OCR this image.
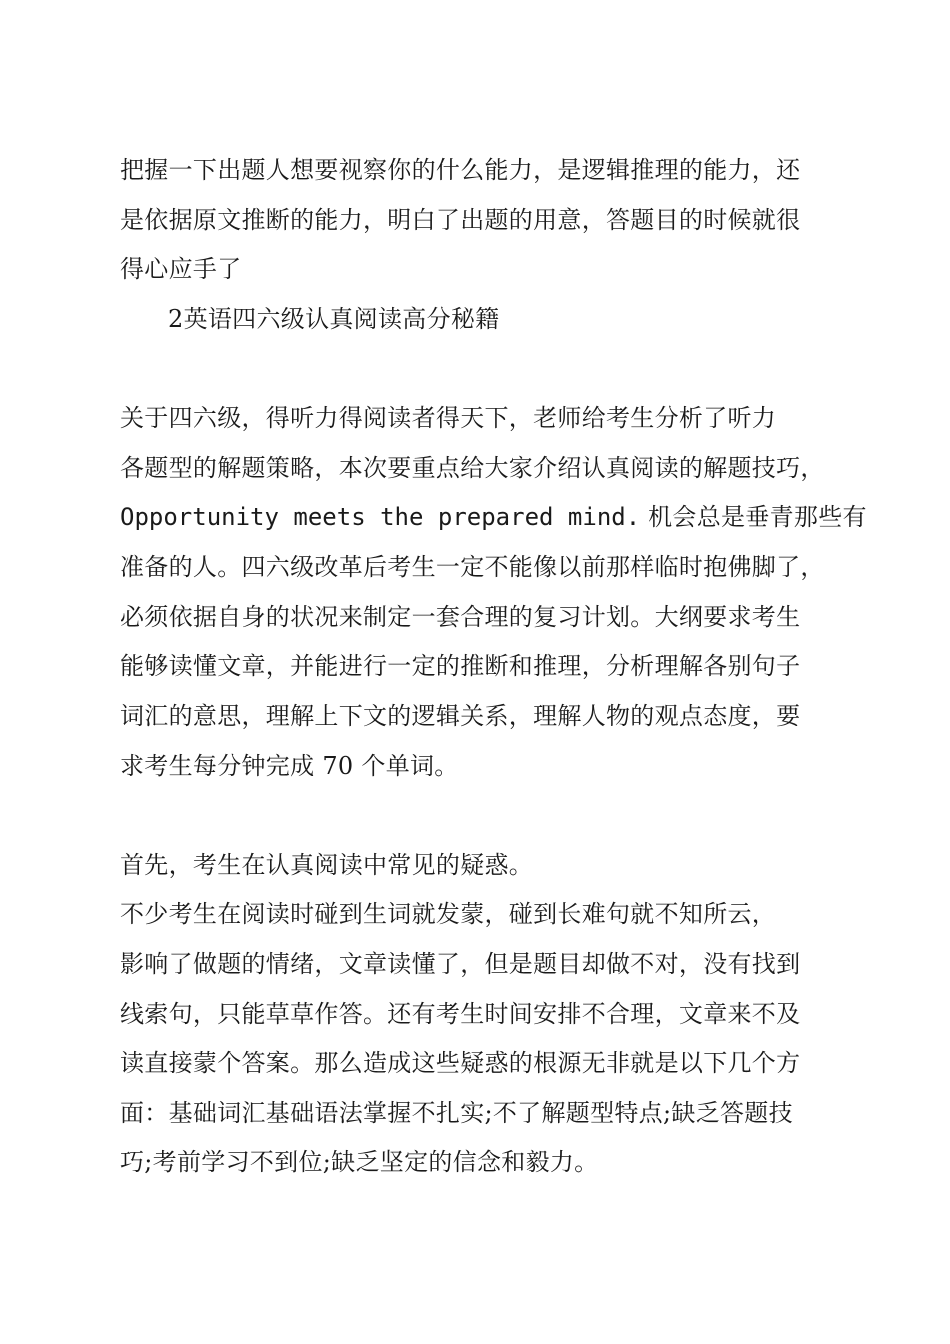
把握一下出题人想要视察你的什么能力，是逻辑推理的能力，还
是依据原文推断的能力，明白了出题的用意，答题目的时候就很
得心应手了
2英语四六级认真阅读高分秘籍
关于四六级，得听力得阅读者得天下，老师给考生分析了听力
各题型的解题策略，本次要重点给大家介绍认真阅读的解题技巧，
Opportunity meets the prepared mind. 机会总是垂青那些有
准备的人。四六级改革后考生一定不能像以前那样临时抱佛脚了，
必须依据自身的状况来制定一套合理的复习计划。大纲要求考生
能够读懂文章，并能进行一定的推断和推理，分析理解各别句子
词汇的意思，理解上下文的逻辑关系，理解人物的观点态度，要
求考生每分钟完成 70 个单词。
首先，考生在认真阅读中常见的疑惑。
不少考生在阅读时碰到生词就发蒙，碰到长难句就不知所云，
影响了做题的情绪，文章读懂了，但是题目却做不对，没有找到
线索句，只能草草作答。还有考生时间安排不合理，文章来不及
读直接蒙个答案。那么造成这些疑惑的根源无非就是以下几个方
面：基础词汇基础语法掌握不扎实;不了解题型特点;缺乏答题技
巧;考前学习不到位;缺乏坚定的信念和毅力。
